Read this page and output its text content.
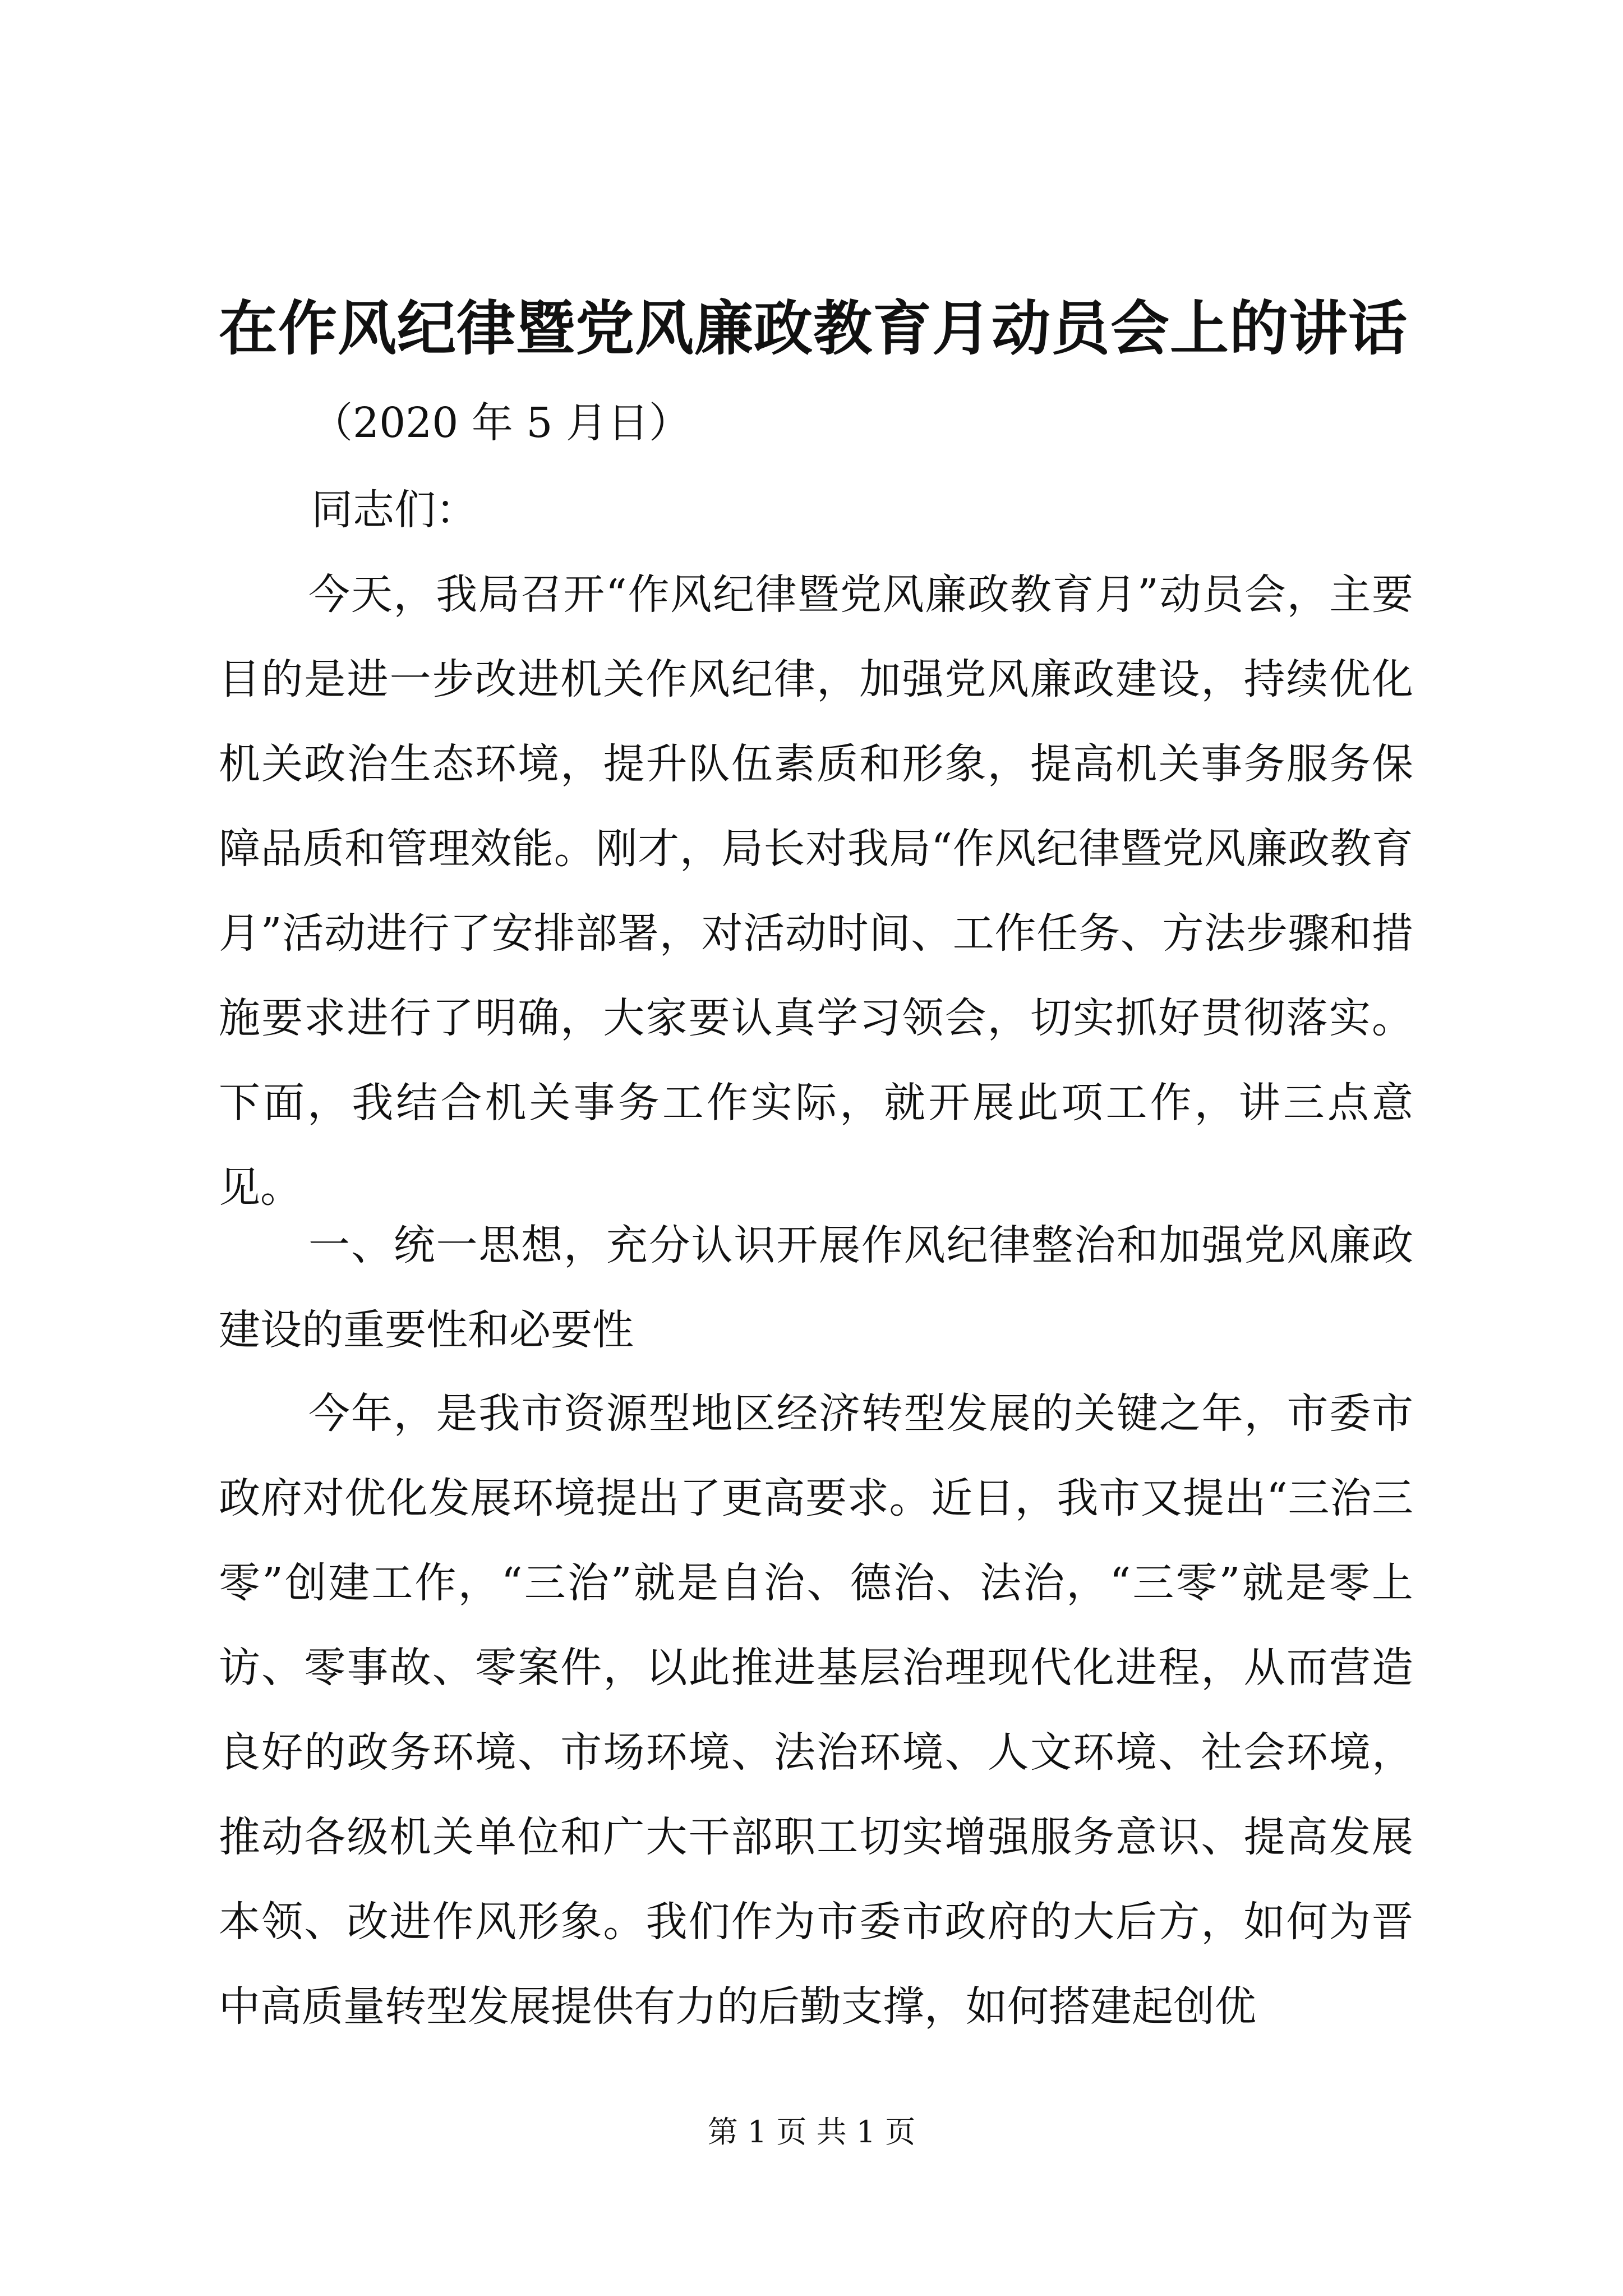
在作风纪律暨党风廉政教育月动员会上的讲话
（2020 年 5 月日）
同志们：
今天，我局召开“作风纪律暨党风廉政教育月”动员会，主要目的是进一步改进机关作风纪律，加强党风廉政建设，持续优化机关政治生态环境，提升队伍素质和形象，提高机关事务服务保障品质和管理效能。刚才，局长对我局“作风纪律暨党风廉政教育月”活动进行了安排部署，对活动时间、工作任务、方法步骤和措施要求进行了明确，大家要认真学习领会，切实抓好贯彻落实。下面，我结合机关事务工作实际，就开展此项工作，讲三点意见。
一、统一思想，充分认识开展作风纪律整治和加强党风廉政建设的重要性和必要性
今年，是我市资源型地区经济转型发展的关键之年，市委市政府对优化发展环境提出了更高要求。近日，我市又提出“三治三零”创建工作，“三治”就是自治、德治、法治，“三零”就是零上访、零事故、零案件，以此推进基层治理现代化进程，从而营造良好的政务环境、市场环境、法治环境、人文环境、社会环境，推动各级机关单位和广大干部职工切实增强服务意识、提高发展本领、改进作风形象。我们作为市委市政府的大后方，如何为晋中高质量转型发展提供有力的后勤支撑，如何搭建起创优
第 1 页 共 1 页
